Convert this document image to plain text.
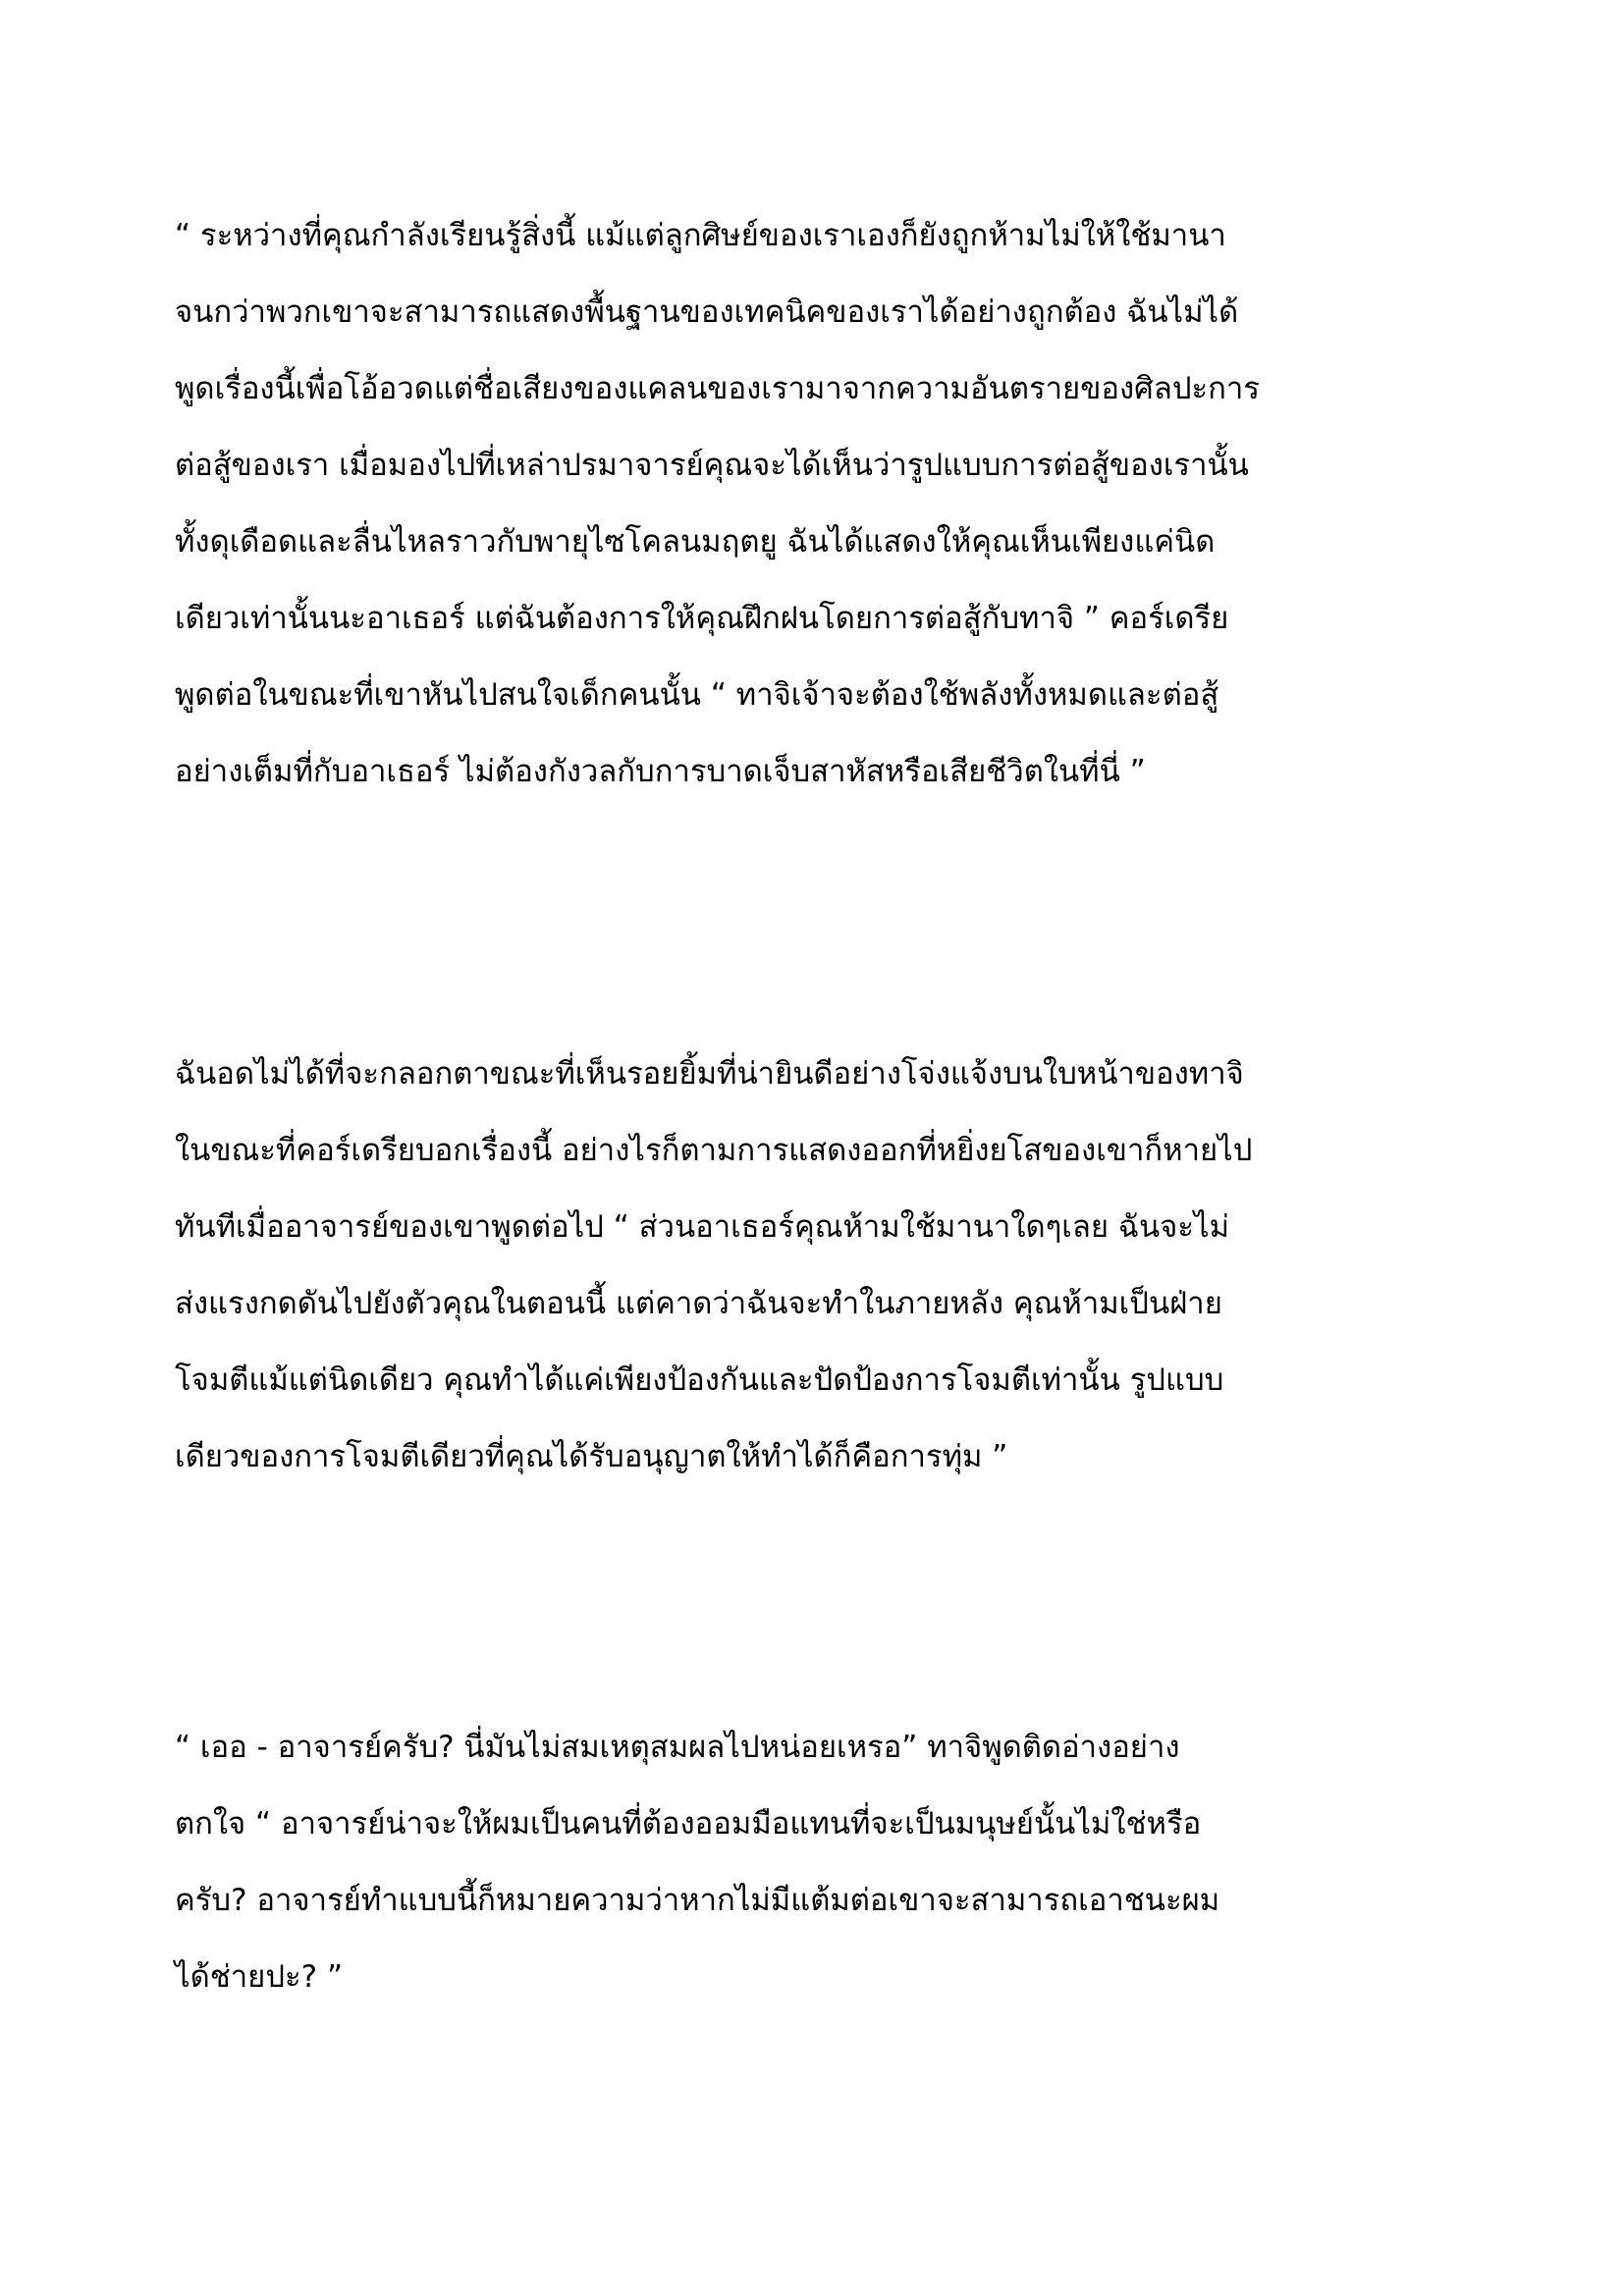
“ ระหว่างที่คุณกำลังเรียนรู้สิ่งนี้ แม้แต่ลูกศิษย์ของเราเองก็ยังถูกห้ามไม่ให้ใช้มานา
จนกว่าพวกเขาจะสามารถแสดงพื้นฐานของเทคนิคของเราได้อย่างถูกต้อง ฉันไม่ได้
พูดเรื่องนี้เพื่อโอ้อวดแต่ชื่อเสียงของแคลนของเรามาจากความอันตรายของศิลปะการ
ต่อสู้ของเรา เมื่อมองไปที่เหล่าปรมาจารย์คุณจะได้เห็นว่ารูปแบบการต่อสู้ของเรานั้น
ทั้งดุเดือดและลื่นไหลราวกับพายุไซโคลนมฤตยู ฉันได้แสดงให้คุณเห็นเพียงแค่นิด
เดียวเท่านั้นนะอาเธอร์ แต่ฉันต้องการให้คุณฝึกฝนโดยการต่อสู้กับทาจิ ” คอร์เดรีย
พูดต่อในขณะที่เขาหันไปสนใจเด็กคนนั้น “ ทาจิเจ้าจะต้องใช้พลังทั้งหมดและต่อสู้
อย่างเต็มที่กับอาเธอร์ ไม่ต้องกังวลกับการบาดเจ็บสาหัสหรือเสียชีวิตในที่นี่ ”
ฉันอดไม่ได้ที่จะกลอกตาขณะที่เห็นรอยยิ้มที่น่ายินดีอย่างโจ่งแจ้งบนใบหน้าของทาจิ
ในขณะที่คอร์เดรียบอกเรื่องนี้ อย่างไรก็ตามการแสดงออกที่หยิ่งยโสของเขาก็หายไป
ทันทีเมื่ออาจารย์ของเขาพูดต่อไป “ ส่วนอาเธอร์คุณห้ามใช้มานาใดๆเลย ฉันจะไม่
ส่งแรงกดดันไปยังตัวคุณในตอนนี้ แต่คาดว่าฉันจะทำในภายหลัง คุณห้ามเป็นฝ่าย
โจมตีแม้แต่นิดเดียว คุณทำได้แค่เพียงป้องกันและปัดป้องการโจมตีเท่านั้น รูปแบบ
เดียวของการโจมตีเดียวที่คุณได้รับอนุญาตให้ทำได้ก็คือการทุ่ม ”
“ เออ - อาจารย์ครับ? นี่มันไม่สมเหตุสมผลไปหน่อยเหรอ” ทาจิพูดติดอ่างอย่าง
ตกใจ “ อาจารย์น่าจะให้ผมเป็นคนที่ต้องออมมือแทนที่จะเป็นมนุษย์นั้นไม่ใช่หรือ
ครับ? อาจารย์ทำแบบนี้ก็หมายความว่าหากไม่มีแต้มต่อเขาจะสามารถเอาชนะผม
ได้ช่ายปะ? ”
